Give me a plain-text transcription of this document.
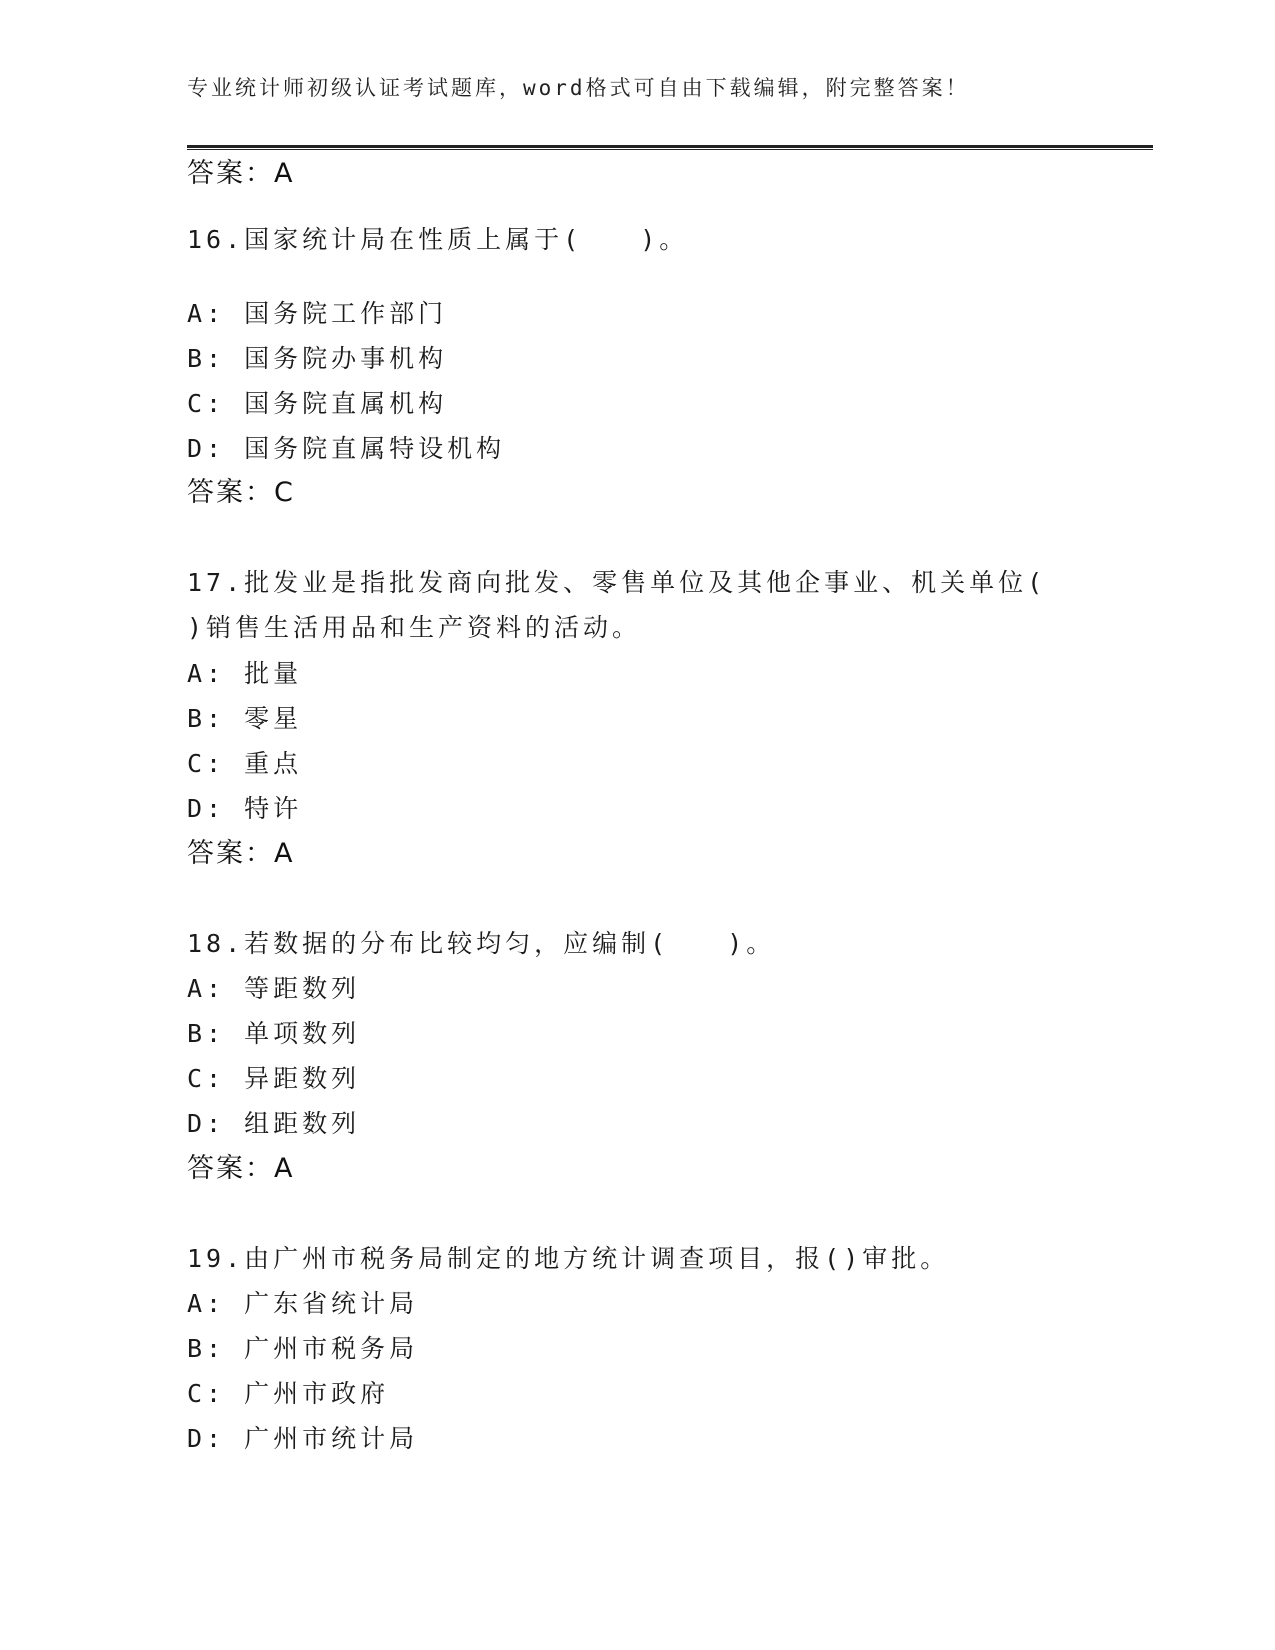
专业统计师初级认证考试题库，word格式可自由下载编辑，附完整答案！
答案：A
16.国家统计局在性质上属于(　　)。
A: 国务院工作部门
B: 国务院办事机构
C: 国务院直属机构
D: 国务院直属特设机构
答案：C
17.批发业是指批发商向批发、零售单位及其他企事业、机关单位(
)销售生活用品和生产资料的活动。
A: 批量
B: 零星
C: 重点
D: 特许
答案：A
18.若数据的分布比较均匀，应编制(　　)。
A: 等距数列
B: 单项数列
C: 异距数列
D: 组距数列
答案：A
19.由广州市税务局制定的地方统计调查项目，报()审批。
A: 广东省统计局
B: 广州市税务局
C: 广州市政府
D: 广州市统计局
